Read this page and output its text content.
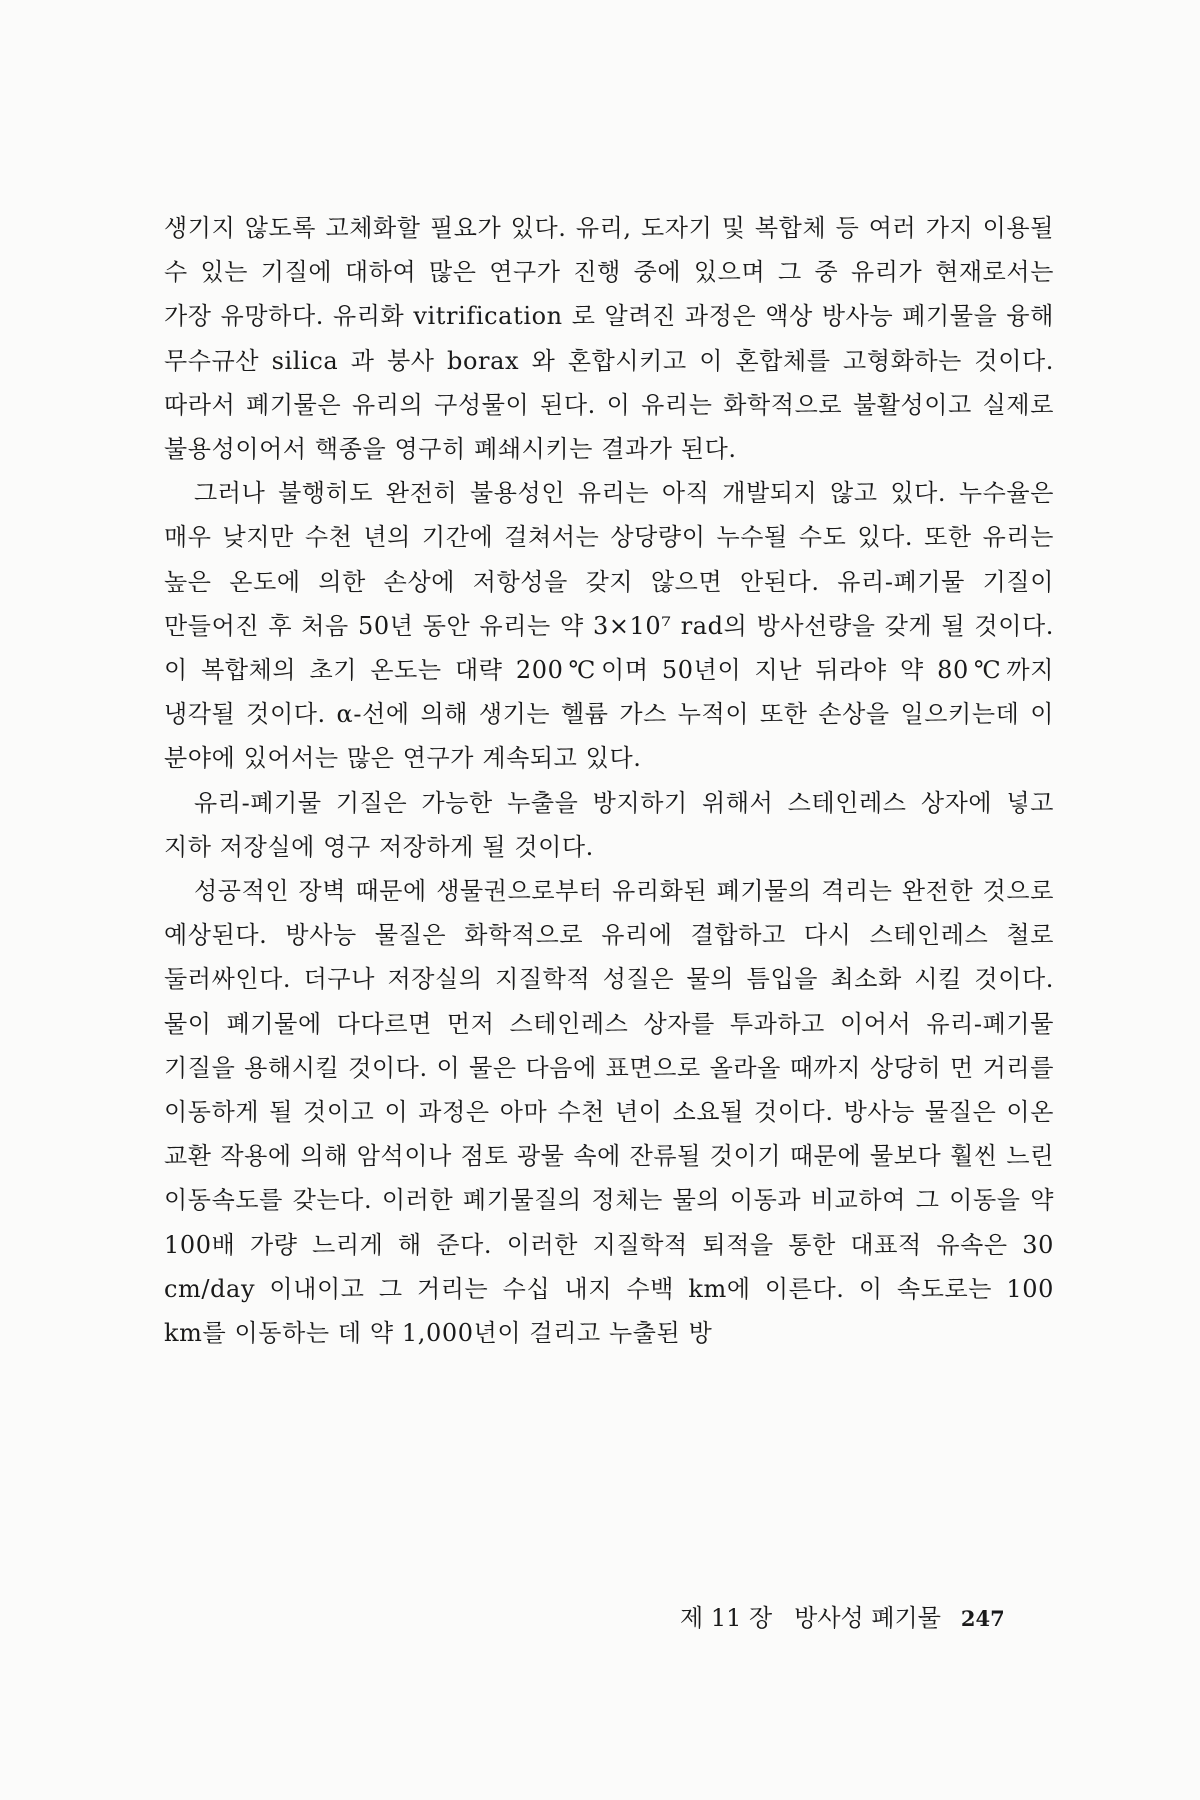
생기지 않도록 고체화할 필요가 있다. 유리, 도자기 및 복합체 등 여러 가지 이용될 수 있는 기질에 대하여 많은 연구가 진행 중에 있으며 그 중 유리가 현재로서는 가장 유망하다. 유리화 vitrification 로 알려진 과정은 액상 방사능 폐기물을 융해 무수규산 silica 과 붕사 borax 와 혼합시키고 이 혼합체를 고형화하는 것이다. 따라서 폐기물은 유리의 구성물이 된다. 이 유리는 화학적으로 불활성이고 실제로 불용성이어서 핵종을 영구히 폐쇄시키는 결과가 된다.

그러나 불행히도 완전히 불용성인 유리는 아직 개발되지 않고 있다. 누수율은 매우 낮지만 수천 년의 기간에 걸쳐서는 상당량이 누수될 수도 있다. 또한 유리는 높은 온도에 의한 손상에 저항성을 갖지 않으면 안된다. 유리-폐기물 기질이 만들어진 후 처음 50년 동안 유리는 약 3×10⁷ rad의 방사선량을 갖게 될 것이다. 이 복합체의 초기 온도는 대략 200℃이며 50년이 지난 뒤라야 약 80℃까지 냉각될 것이다. α-선에 의해 생기는 헬륨 가스 누적이 또한 손상을 일으키는데 이 분야에 있어서는 많은 연구가 계속되고 있다.

유리-폐기물 기질은 가능한 누출을 방지하기 위해서 스테인레스 상자에 넣고 지하 저장실에 영구 저장하게 될 것이다.

성공적인 장벽 때문에 생물권으로부터 유리화된 폐기물의 격리는 완전한 것으로 예상된다. 방사능 물질은 화학적으로 유리에 결합하고 다시 스테인레스 철로 둘러싸인다. 더구나 저장실의 지질학적 성질은 물의 틈입을 최소화 시킬 것이다. 물이 폐기물에 다다르면 먼저 스테인레스 상자를 투과하고 이어서 유리-폐기물 기질을 용해시킬 것이다. 이 물은 다음에 표면으로 올라올 때까지 상당히 먼 거리를 이동하게 될 것이고 이 과정은 아마 수천 년이 소요될 것이다. 방사능 물질은 이온 교환 작용에 의해 암석이나 점토 광물 속에 잔류될 것이기 때문에 물보다 훨씬 느린 이동속도를 갖는다. 이러한 폐기물질의 정체는 물의 이동과 비교하여 그 이동을 약 100배 가량 느리게 해 준다. 이러한 지질학적 퇴적을 통한 대표적 유속은 30 cm/day 이내이고 그 거리는 수십 내지 수백 km에 이른다. 이 속도로는 100 km를 이동하는 데 약 1,000년이 걸리고 누출된 방

제 11 장 방사성 폐기물 247
